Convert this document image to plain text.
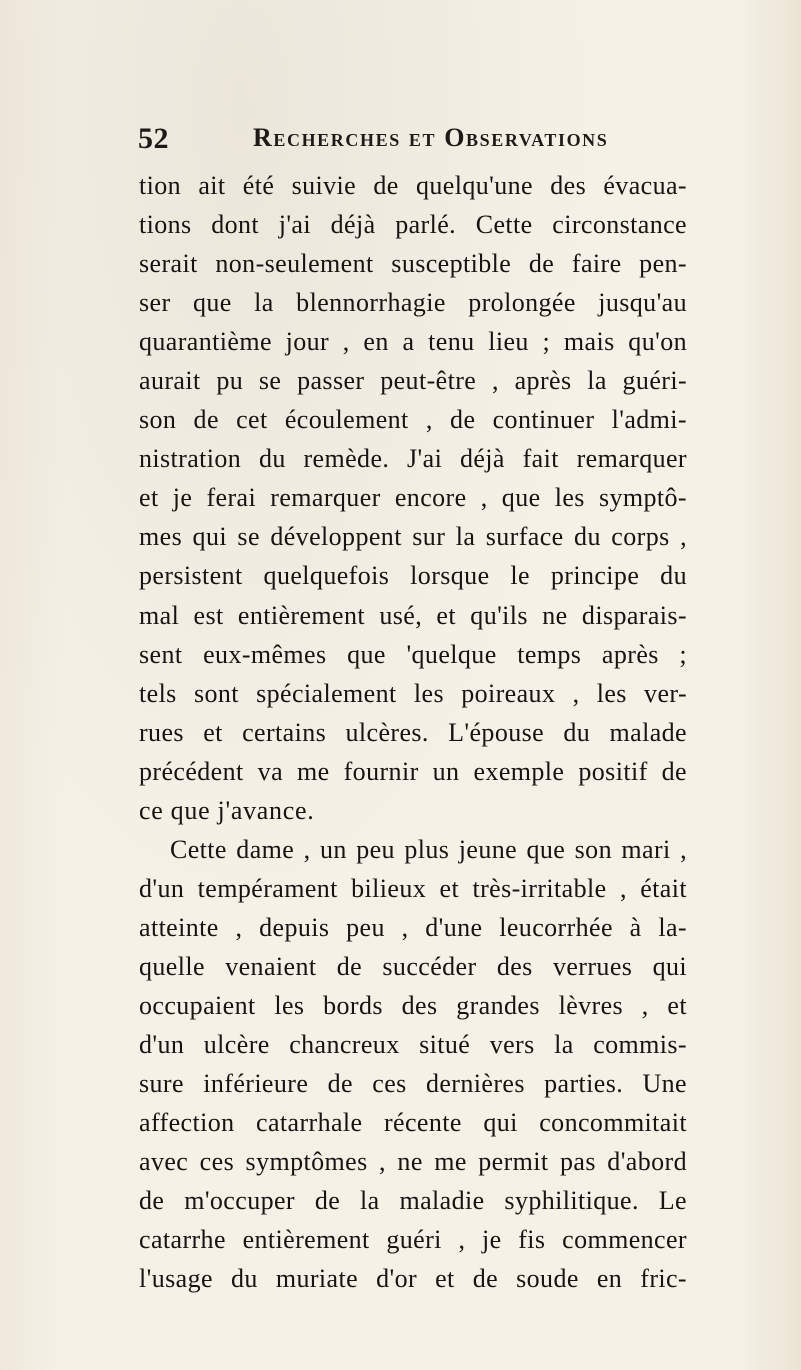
52	Recherches et Observations
tion ait été suivie de quelqu'une des évacua-
tions dont j'ai déjà parlé. Cette circonstance
serait non-seulement susceptible de faire pen-
ser que la blennorrhagie prolongée jusqu'au
quarantième jour , en a tenu lieu ; mais qu'on
aurait pu se passer peut-être , après la guéri-
son de cet écoulement , de continuer l'admi-
nistration du remède. J'ai déjà fait remarquer
et je ferai remarquer encore , que les symptô-
mes qui se développent sur la surface du corps ,
persistent quelquefois lorsque le principe du
mal est entièrement usé, et qu'ils ne disparais-
sent eux-mêmes que 'quelque temps après ;
tels sont spécialement les poireaux , les ver-
rues et certains ulcères. L'épouse du malade
précédent va me fournir un exemple positif de
ce que j'avance.
Cette dame , un peu plus jeune que son mari ,
d'un tempérament bilieux et très-irritable , était
atteinte , depuis peu , d'une leucorrhée à la-
quelle venaient de succéder des verrues qui
occupaient les bords des grandes lèvres , et
d'un ulcère chancreux situé vers la commis-
sure inférieure de ces dernières parties. Une
affection catarrhale récente qui concommitait
avec ces symptômes , ne me permit pas d'abord
de m'occuper de la maladie syphilitique. Le
catarrhe entièrement guéri , je fis commencer
l'usage du muriate d'or et de soude en fric-
